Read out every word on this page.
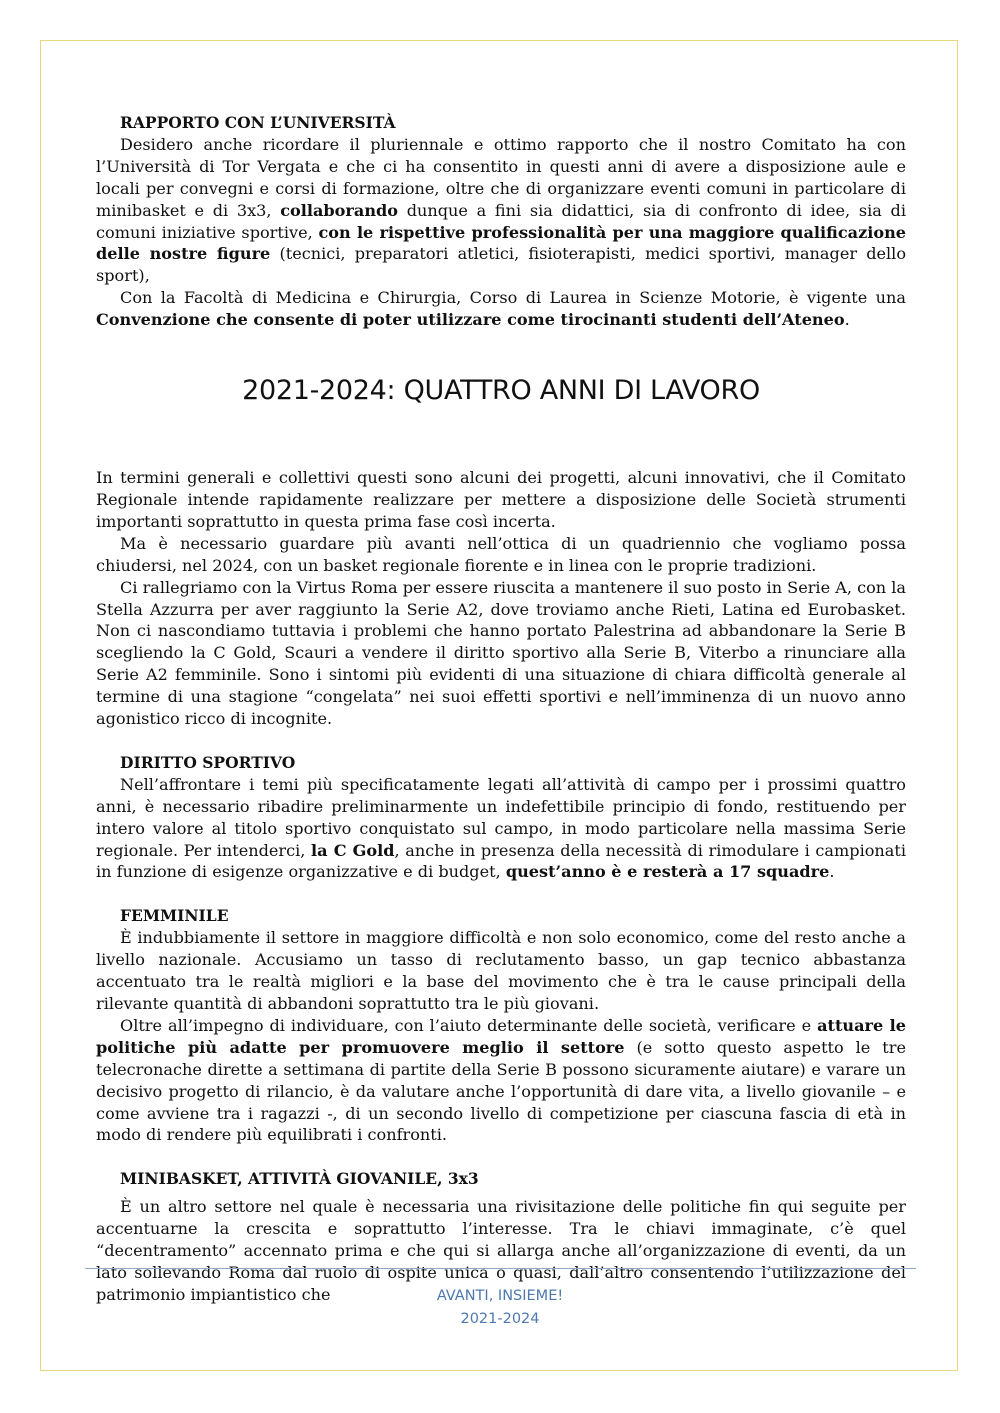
RAPPORTO CON L’UNIVERSITÀ

Desidero anche ricordare il pluriennale e ottimo rapporto che il nostro Comitato ha con l’Università di Tor Vergata e che ci ha consentito in questi anni di avere a disposizione aule e locali per convegni e corsi di formazione, oltre che di organizzare eventi comuni in particolare di minibasket e di 3x3, collaborando dunque a fini sia didattici, sia di confronto di idee, sia di comuni iniziative sportive, con le rispettive professionalità per una maggiore qualificazione delle nostre figure (tecnici, preparatori atletici, fisioterapisti, medici sportivi, manager dello sport),

Con la Facoltà di Medicina e Chirurgia, Corso di Laurea in Scienze Motorie, è vigente una Convenzione che consente di poter utilizzare come tirocinanti studenti dell’Ateneo.

2021-2024: QUATTRO ANNI DI LAVORO

In termini generali e collettivi questi sono alcuni dei progetti, alcuni innovativi, che il Comitato Regionale intende rapidamente realizzare per mettere a disposizione delle Società strumenti importanti soprattutto in questa prima fase così incerta.

Ma è necessario guardare più avanti nell’ottica di un quadriennio che vogliamo possa chiudersi, nel 2024, con un basket regionale fiorente e in linea con le proprie tradizioni.

Ci rallegriamo con la Virtus Roma per essere riuscita a mantenere il suo posto in Serie A, con la Stella Azzurra per aver raggiunto la Serie A2, dove troviamo anche Rieti, Latina ed Eurobasket. Non ci nascondiamo tuttavia i problemi che hanno portato Palestrina ad abbandonare la Serie B scegliendo la C Gold, Scauri a vendere il diritto sportivo alla Serie B, Viterbo a rinunciare alla Serie A2 femminile. Sono i sintomi più evidenti di una situazione di chiara difficoltà generale al termine di una stagione “congelata” nei suoi effetti sportivi e nell’imminenza di un nuovo anno agonistico ricco di incognite.

DIRITTO SPORTIVO

Nell’affrontare i temi più specificatamente legati all’attività di campo per i prossimi quattro anni, è necessario ribadire preliminarmente un indefettibile principio di fondo, restituendo per intero valore al titolo sportivo conquistato sul campo, in modo particolare nella massima Serie regionale. Per intenderci, la C Gold, anche in presenza della necessità di rimodulare i campionati in funzione di esigenze organizzative e di budget, quest’anno è e resterà a 17 squadre.

FEMMINILE

È indubbiamente il settore in maggiore difficoltà e non solo economico, come del resto anche a livello nazionale. Accusiamo un tasso di reclutamento basso, un gap tecnico abbastanza accentuato tra le realtà migliori e la base del movimento che è tra le cause principali della rilevante quantità di abbandoni soprattutto tra le più giovani.

Oltre all’impegno di individuare, con l’aiuto determinante delle società, verificare e attuare le politiche più adatte per promuovere meglio il settore (e sotto questo aspetto le tre telecronache dirette a settimana di partite della Serie B possono sicuramente aiutare) e varare un decisivo progetto di rilancio, è da valutare anche l’opportunità di dare vita, a livello giovanile – e come avviene tra i ragazzi -, di un secondo livello di competizione per ciascuna fascia di età in modo di rendere più equilibrati i confronti.

MINIBASKET, ATTIVITÀ GIOVANILE, 3x3

È un altro settore nel quale è necessaria una rivisitazione delle politiche fin qui seguite per accentuarne la crescita e soprattutto l’interesse. Tra le chiavi immaginate, c’è quel “decentramento” accennato prima e che qui si allarga anche all’organizzazione di eventi, da un lato sollevando Roma dal ruolo di ospite unica o quasi, dall’altro consentendo l’utilizzazione del patrimonio impiantistico che	AVANTI, INSIEME!
2021-2024
